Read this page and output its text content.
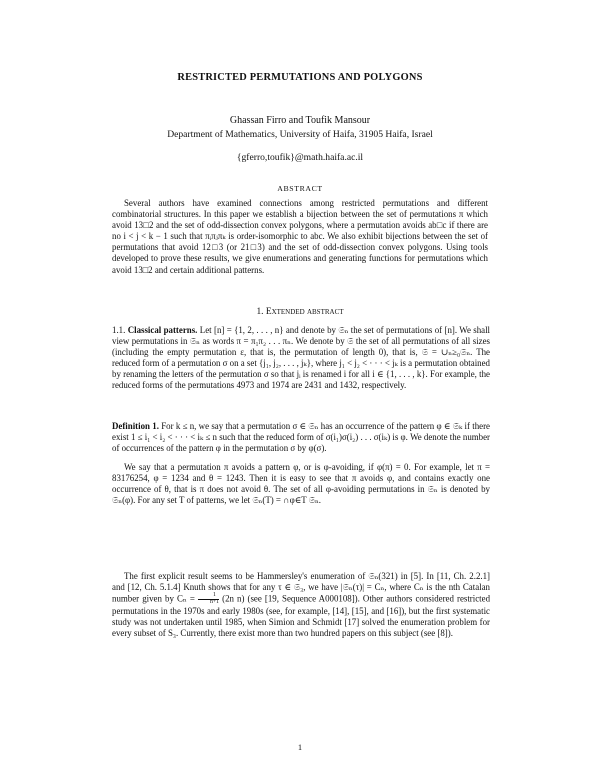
RESTRICTED PERMUTATIONS AND POLYGONS
Ghassan Firro and Toufik Mansour
Department of Mathematics, University of Haifa, 31905 Haifa, Israel
{gferro,toufik}@math.haifa.ac.il
ABSTRACT

Several authors have examined connections among restricted permutations and different combinatorial structures. In this paper we establish a bijection between the set of permutations π which avoid 13□2 and the set of odd-dissection convex polygons, where a permutation avoids ab□c if there are no i < j < k − 1 such that πᵢπⱼπₖ is order-isomorphic to abc. We also exhibit bijections between the set of permutations that avoid 12□3 (or 21□3) and the set of odd-dissection convex polygons. Using tools developed to prove these results, we give enumerations and generating functions for permutations which avoid 13□2 and certain additional patterns.

1. Extended abstract

1.1. Classical patterns. Let [n] = {1, 2, . . . , n} and denote by 𝔖ₙ the set of permutations of [n]. We shall view permutations in 𝔖ₙ as words π = π₁π₂ . . . πₙ. We denote by 𝔖 the set of all permutations of all sizes (including the empty permutation ε, that is, the permutation of length 0), that is, 𝔖 = ∪ₙ≥₀𝔖ₙ. The reduced form of a permutation σ on a set {j₁, j₂, . . . , jₖ}, where j₁ < j₂ < · · · < jₖ is a permutation obtained by renaming the letters of the permutation σ so that jᵢ is renamed i for all i ∈ {1, . . . , k}. For example, the reduced forms of the permutations 4973 and 1974 are 2431 and 1432, respectively.

Definition 1. For k ≤ n, we say that a permutation σ ∈ 𝔖ₙ has an occurrence of the pattern φ ∈ 𝔖ₖ if there exist 1 ≤ i₁ < i₂ < · · · < iₖ ≤ n such that the reduced form of σ(i₁)σ(i₂) . . . σ(iₖ) is φ. We denote the number of occurrences of the pattern φ in the permutation σ by φ(σ).

We say that a permutation π avoids a pattern φ, or is φ-avoiding, if φ(π) = 0. For example, let π = 83176254, φ = 1234 and θ = 1243. Then it is easy to see that π avoids φ, and contains exactly one occurrence of θ, that is π does not avoid θ. The set of all φ-avoiding permutations in 𝔖ₙ is denoted by 𝔖ₙ(φ). For any set T of patterns, we let 𝔖ₙ(T) = ∩φ∈T 𝔖ₙ.

The first explicit result seems to be Hammersley's enumeration of 𝔖ₙ(321) in [5]. In [11, Ch. 2.2.1] and [12, Ch. 5.1.4] Knuth shows that for any τ ∈ 𝔖₃, we have |𝔖ₙ(τ)| = Cₙ, where Cₙ is the nth Catalan number given by $C_n = \frac{1}{n+1} (2n$ n) (see [19, Sequence A000108]). Other authors considered restricted permutations in the 1970s and early 1980s (see, for example, [14], [15], and [16]), but the first systematic study was not undertaken until 1985, when Simion and Schmidt [17] solved the enumeration problem for every subset of S₃. Currently, there exist more than two hundred papers on this subject (see [8]).

1
